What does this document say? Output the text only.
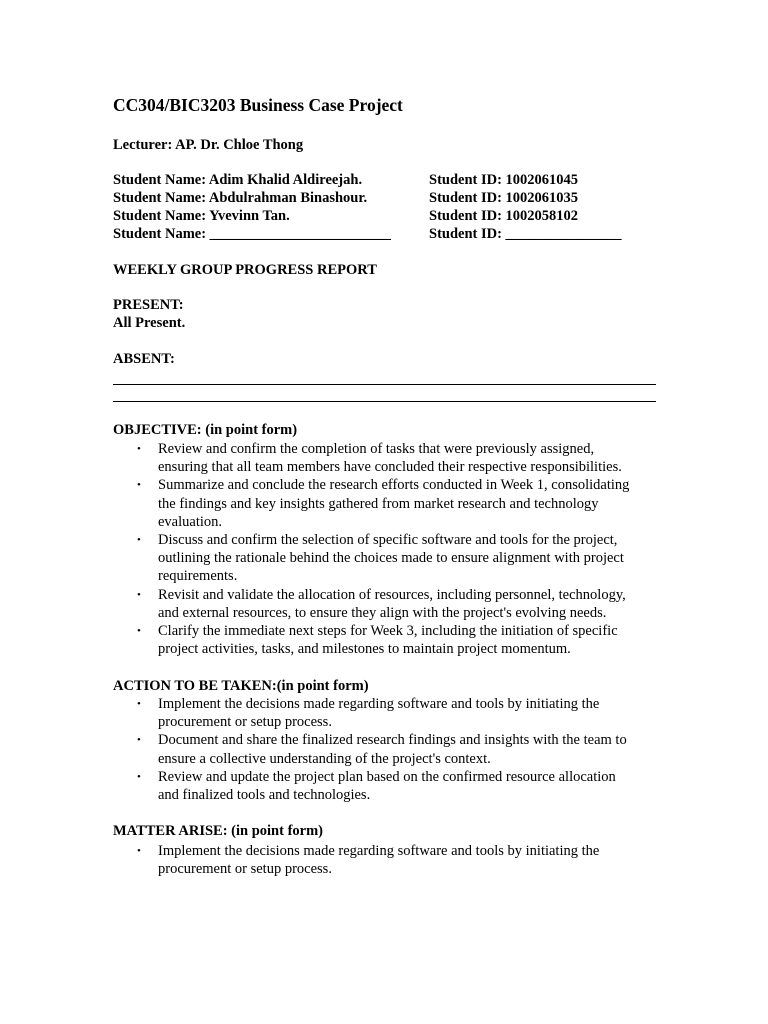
CC304/BIC3203 Business Case Project
Lecturer: AP. Dr. Chloe Thong
Student Name: Adim Khalid Aldireejah.	Student ID: 1002061045
Student Name: Abdulrahman Binashour.	Student ID: 1002061035
Student Name: Yvevinn Tan.	Student ID: 1002058102
Student Name: _________________________	Student ID: ________________
WEEKLY GROUP PROGRESS REPORT
PRESENT:
All Present.
ABSENT:
OBJECTIVE: (in point form)
• Review and confirm the completion of tasks that were previously assigned,
ensuring that all team members have concluded their respective responsibilities.
• Summarize and conclude the research efforts conducted in Week 1, consolidating
the findings and key insights gathered from market research and technology
evaluation.
• Discuss and confirm the selection of specific software and tools for the project,
outlining the rationale behind the choices made to ensure alignment with project
requirements.
• Revisit and validate the allocation of resources, including personnel, technology,
and external resources, to ensure they align with the project's evolving needs.
• Clarify the immediate next steps for Week 3, including the initiation of specific
project activities, tasks, and milestones to maintain project momentum.
ACTION TO BE TAKEN:(in point form)
• Implement the decisions made regarding software and tools by initiating the
procurement or setup process.
• Document and share the finalized research findings and insights with the team to
ensure a collective understanding of the project's context.
• Review and update the project plan based on the confirmed resource allocation
and finalized tools and technologies.
MATTER ARISE: (in point form)
• Implement the decisions made regarding software and tools by initiating the
procurement or setup process.
